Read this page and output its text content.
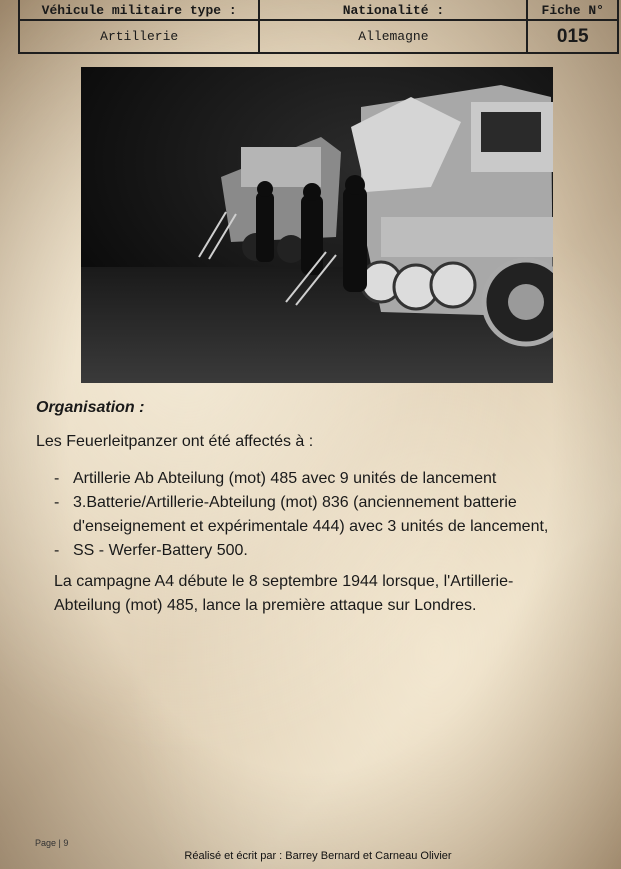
Véhicule militaire type :	Nationalité :	Fiche N°
Artillerie	Allemagne	015
Organisation :
Les Feuerleitpanzer ont été affectés à :
- Artillerie Ab Abteilung (mot) 485 avec 9 unités de lancement
- 3.Batterie/Artillerie-Abteilung (mot) 836 (anciennement batterie
d'enseignement et expérimentale 444) avec 3 unités de lancement,
- SS - Werfer-Battery 500.
La campagne A4 débute le 8 septembre 1944 lorsque, l'Artillerie-
Abteilung (mot) 485, lance la première attaque sur Londres.
Page | 9
Réalisé et écrit par : Barrey Bernard et Carneau Olivier
